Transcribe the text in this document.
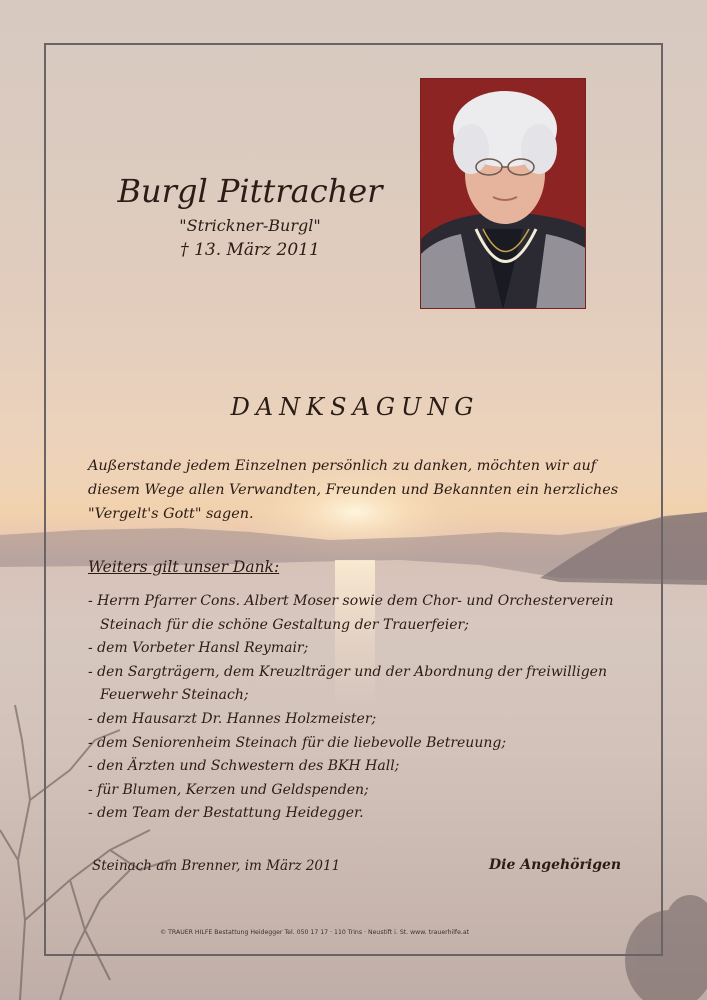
Burgl Pittracher
"Strickner-Burgl"
† 13. März 2011
DANKSAGUNG
Außerstande jedem Einzelnen persönlich zu danken, möchten wir auf
diesem Wege allen Verwandten, Freunden und Bekannten ein herzliches
"Vergelt's Gott" sagen.
Weiters gilt unser Dank:
- Herrn Pfarrer Cons. Albert Moser sowie dem Chor- und Orchesterverein
Steinach für die schöne Gestaltung der Trauerfeier;
- dem Vorbeter Hansl Reymair;
- den Sargträgern, dem Kreuzlträger und der Abordnung der freiwilligen
Feuerwehr Steinach;
- dem Hausarzt Dr. Hannes Holzmeister;
- dem Seniorenheim Steinach für die liebevolle Betreuung;
- den Ärzten und Schwestern des BKH Hall;
- für Blumen, Kerzen und Geldspenden;
- dem Team der Bestattung Heidegger.
Steinach am Brenner, im März 2011	Die Angehörigen
© TRAUER HILFE Bestattung Heidegger Tel. 050 17 17 · 110 Trins · Neustift i. St. www. trauerhilfe.at
